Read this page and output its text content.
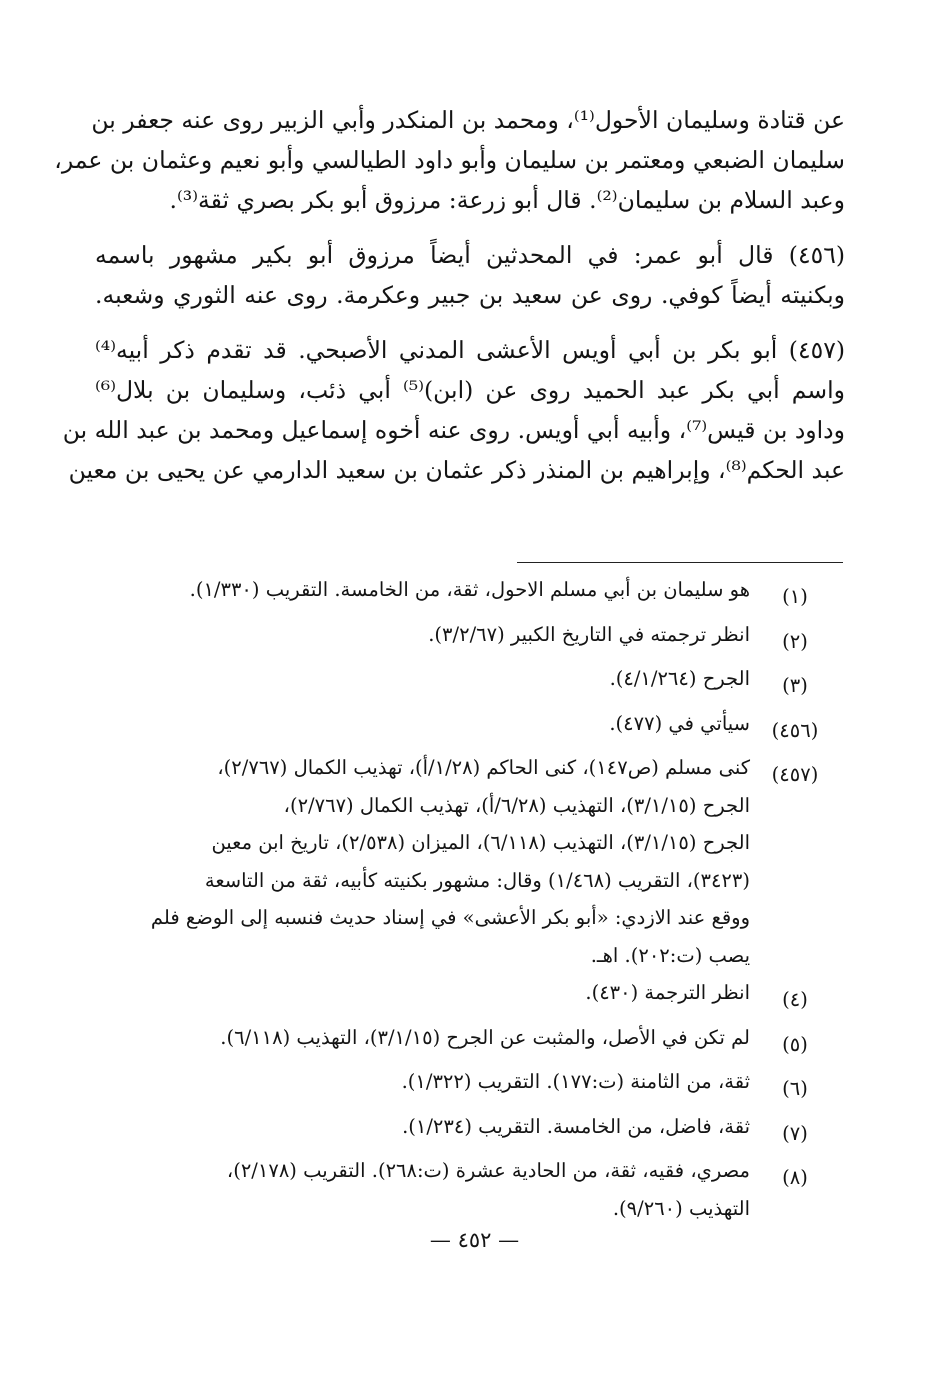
عن قتادة وسليمان الأحول⁽¹⁾، ومحمد بن المنكدر وأبي الزبير روى عنه جعفر بن
سليمان الضبعي ومعتمر بن سليمان وأبو داود الطيالسي وأبو نعيم وعثمان بن عمر،
وعبد السلام بن سليمان⁽²⁾. قال أبو زرعة: مرزوق أبو بكر بصري ثقة⁽³⁾.

(٤٥٦) قال أبو عمر: في المحدثين أيضاً مرزوق أبو بكير مشهور باسمه
وبكنيته أيضاً كوفي. روى عن سعيد بن جبير وعكرمة. روى عنه الثوري وشعبه.

(٤٥٧) أبو بكر بن أبي أويس الأعشى المدني الأصبحي. قد تقدم ذكر أبيه⁽⁴⁾
واسم أبي بكر عبد الحميد روى عن (ابن)⁽⁵⁾ أبي ذئب، وسليمان بن بلال⁽⁶⁾
وداود بن قيس⁽⁷⁾، وأبيه أبي أويس. روى عنه أخوه إسماعيل ومحمد بن عبد الله بن
عبد الحكم⁽⁸⁾، وإبراهيم بن المنذر ذكر عثمان بن سعيد الدارمي عن يحيى بن معين

(١)
هو سليمان بن أبي مسلم الاحول، ثقة، من الخامسة. التقريب (١/٣٣٠).
(٢)
انظر ترجمته في التاريخ الكبير (٣/٢/٦٧).
(٣)
الجرح (٤/١/٢٦٤).
(٤٥٦)
سيأتي في (٤٧٧).
(٤٥٧)
كنى مسلم (ص١٤٧)، كنى الحاكم (١/٢٨/أ)، تهذيب الكمال (٢/٧٦٧)،
الجرح (٣/١/١٥)، التهذيب (٦/٢٨/أ)، تهذيب الكمال (٢/٧٦٧)،
الجرح (٣/١/١٥)، التهذيب (٦/١١٨)، الميزان (٢/٥٣٨)، تاريخ ابن معين
(٣٤٢٣)، التقريب (١/٤٦٨) وقال: مشهور بكنيته كأبيه، ثقة من التاسعة
ووقع عند الازدي: «أبو بكر الأعشى» في إسناد حديث فنسبه إلى الوضع فلم
يصب (ت:٢٠٢). اهـ.
(٤)
انظر الترجمة (٤٣٠).
(٥)
لم تكن في الأصل، والمثبت عن الجرح (٣/١/١٥)، التهذيب (٦/١١٨).
(٦)
ثقة، من الثامنة (ت:١٧٧). التقريب (١/٣٢٢).
(٧)
ثقة، فاضل، من الخامسة. التقريب (١/٢٣٤).
(٨)
مصري، فقيه، ثقة، من الحادية عشرة (ت:٢٦٨). التقريب (٢/١٧٨)،
التهذيب (٩/٢٦٠).
— ٤٥٢ —
